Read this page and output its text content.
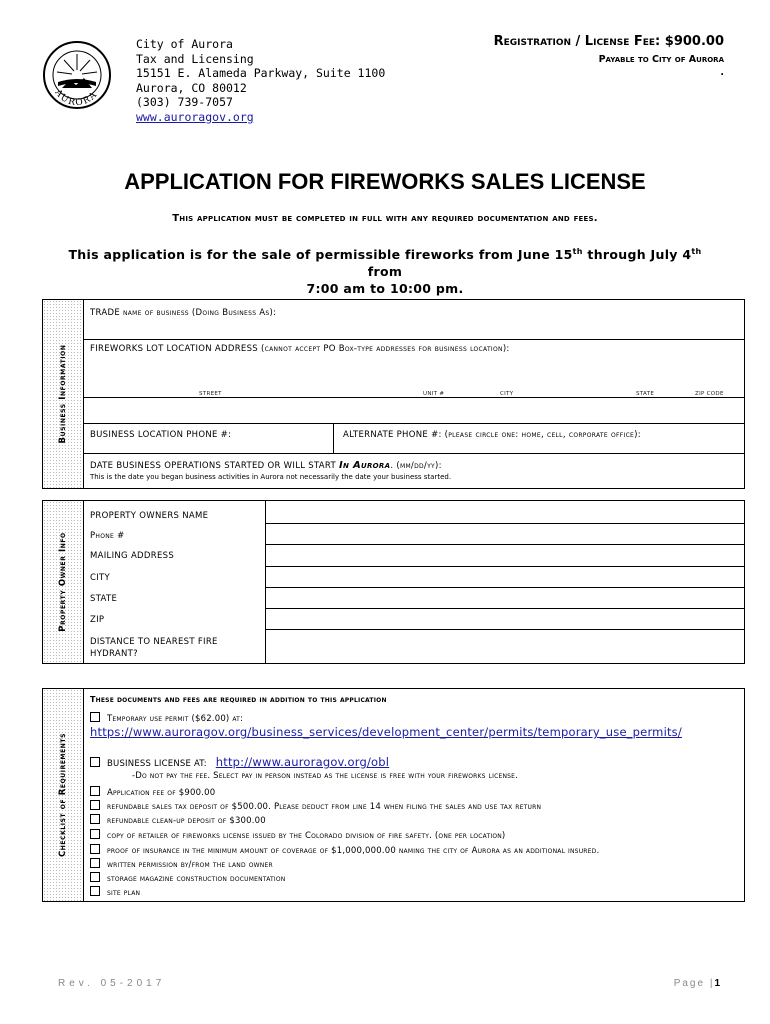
AURORA
City of Aurora
Tax and Licensing
15151 E. Alameda Parkway, Suite 1100
Aurora, CO 80012
(303) 739-7057
www.auroragov.org
Registration / License Fee: $900.00
Payable to City of Aurora
.
APPLICATION FOR FIREWORKS SALES LICENSE
This application must be completed in full with any required documentation and fees.
This application is for the sale of permissible fireworks from June 15th through July 4th from
7:00 am to 10:00 pm.
Business Information
TRADE name of business (Doing Business As):
FIREWORKS LOT LOCATION ADDRESS (cannot accept PO Box-type addresses for business location):
STREET	UNIT #	CITY	STATE	ZIP CODE
BUSINESS LOCATION PHONE #:	ALTERNATE PHONE #: (please circle one: home, cell, corporate office):
DATE BUSINESS OPERATIONS STARTED OR WILL START In Aurora. (mm/dd/yy):
This is the date you began business activities in Aurora not necessarily the date your business started.
Property Owner Info
PROPERTY OWNERS NAME
Phone #
MAILING ADDRESS
CITY
STATE
ZIP
DISTANCE TO NEAREST FIRE
HYDRANT?
Checklist of Requirements
These documents and fees are required in addition to this application
Temporary use permit ($62.00) at:
https://www.auroragov.org/business_services/development_center/permits/temporary_use_permits/
BUSINESS LICENSE AT: http://www.auroragov.org/obl
-Do not pay the fee. Select pay in person instead as the license is free with your fireworks license.
Application fee of $900.00
refundable sales tax deposit of $500.00. Please deduct from line 14 when filing the sales and use tax return
refundable clean-up deposit of $300.00
copy of retailer of fireworks license issued by the Colorado division of fire safety. (one per location)
proof of insurance in the minimum amount of coverage of $1,000,000.00 naming the city of Aurora as an additional insured.
written permission by/from the land owner
storage magazine construction documentation
site plan
Rev. 05-2017	Page |1
